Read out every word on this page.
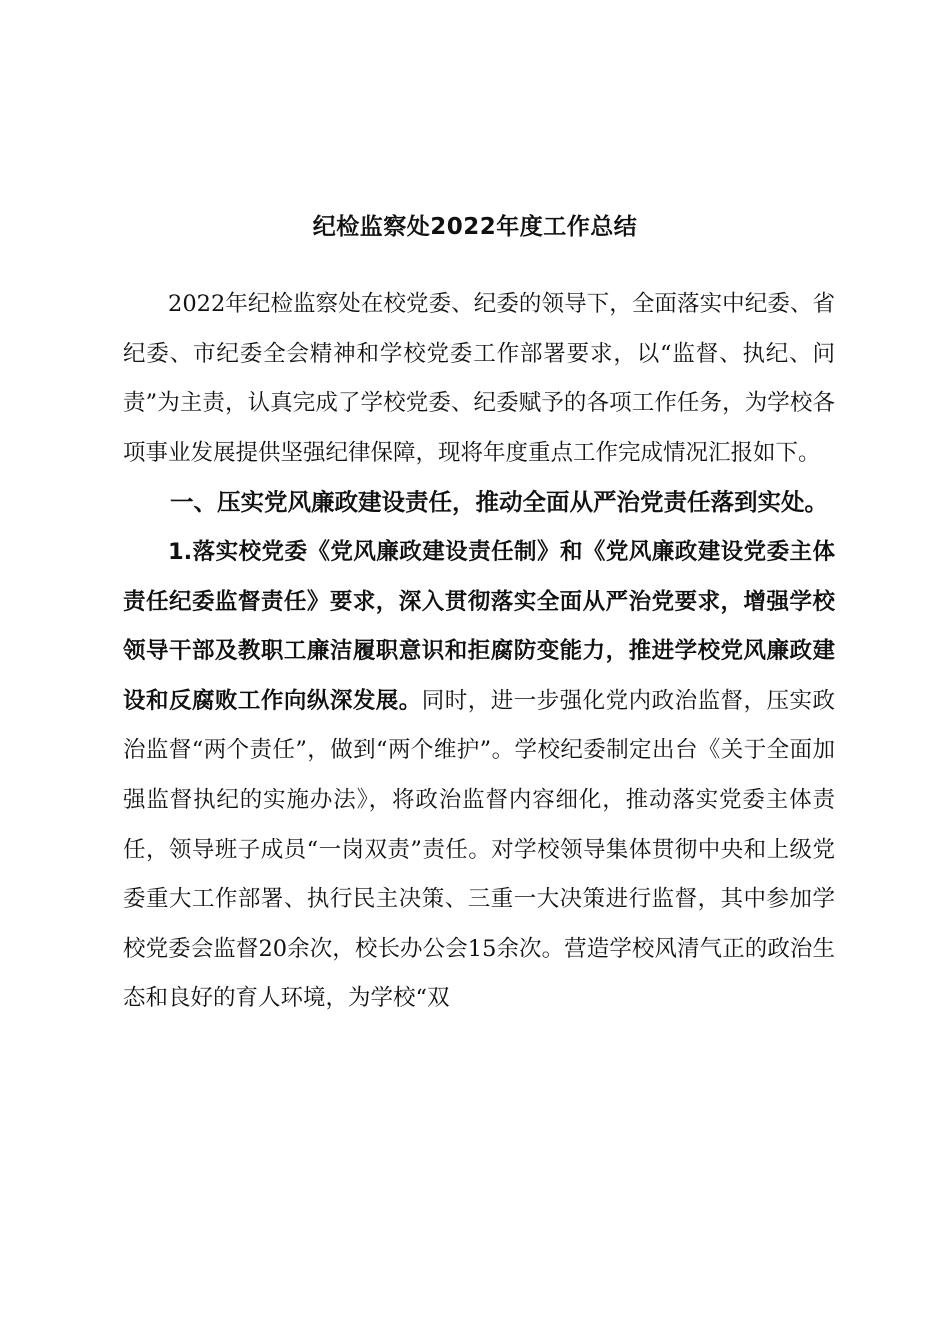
纪检监察处2022年度工作总结

2022年纪检监察处在校党委、纪委的领导下，全面落实中纪委、省纪委、市纪委全会精神和学校党委工作部署要求，以“监督、执纪、问责”为主责，认真完成了学校党委、纪委赋予的各项工作任务，为学校各项事业发展提供坚强纪律保障，现将年度重点工作完成情况汇报如下。

一、压实党风廉政建设责任，推动全面从严治党责任落到实处。

1.落实校党委《党风廉政建设责任制》和《党风廉政建设党委主体责任纪委监督责任》要求，深入贯彻落实全面从严治党要求，增强学校领导干部及教职工廉洁履职意识和拒腐防变能力，推进学校党风廉政建设和反腐败工作向纵深发展。同时，进一步强化党内政治监督，压实政治监督“两个责任”，做到“两个维护”。学校纪委制定出台《关于全面加强监督执纪的实施办法》，将政治监督内容细化，推动落实党委主体责任，领导班子成员“一岗双责”责任。对学校领导集体贯彻中央和上级党委重大工作部署、执行民主决策、三重一大决策进行监督，其中参加学校党委会监督20余次，校长办公会15余次。营造学校风清气正的政治生态和良好的育人环境，为学校“双
